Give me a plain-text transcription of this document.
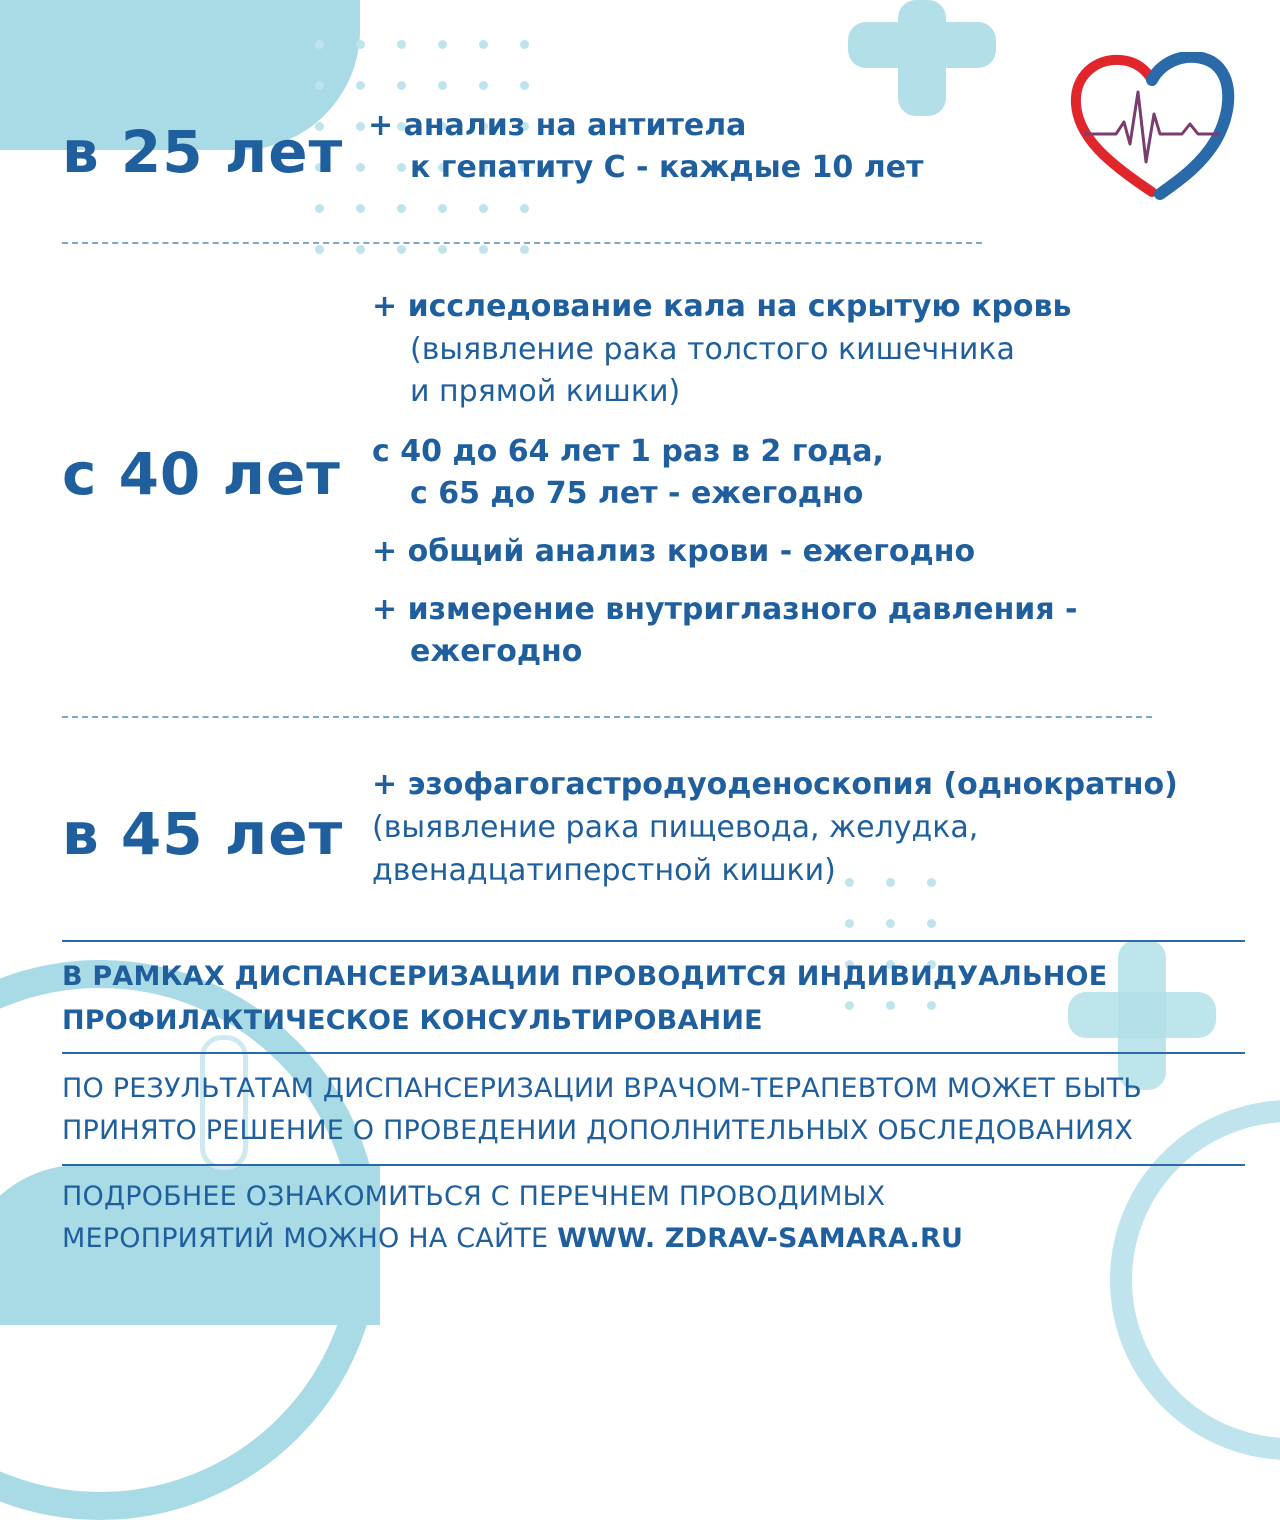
в 25 лет + анализ на антитела
к гепатиту С - каждые 10 лет
с 40 лет
+ исследование кала на скрытую кровь
(выявление рака толстого кишечника
и прямой кишки)
с 40 до 64 лет 1 раз в 2 года,
с 65 до 75 лет - ежегодно
+ общий анализ крови - ежегодно
+ измерение внутриглазного давления -
ежегодно
в 45 лет
+ эзофагогастродуоденоскопия (однократно)
(выявление рака пищевода, желудка,
двенадцатиперстной кишки)
В РАМКАХ ДИСПАНСЕРИЗАЦИИ ПРОВОДИТСЯ ИНДИВИДУАЛЬНОЕ
ПРОФИЛАКТИЧЕСКОЕ КОНСУЛЬТИРОВАНИЕ
ПО РЕЗУЛЬТАТАМ ДИСПАНСЕРИЗАЦИИ ВРАЧОМ-ТЕРАПЕВТОМ МОЖЕТ БЫТЬ
ПРИНЯТО РЕШЕНИЕ О ПРОВЕДЕНИИ ДОПОЛНИТЕЛЬНЫХ ОБСЛЕДОВАНИЯХ
ПОДРОБНЕЕ ОЗНАКОМИТЬСЯ С ПЕРЕЧНЕМ ПРОВОДИМЫХ
МЕРОПРИЯТИЙ МОЖНО НА САЙТЕ WWW. ZDRAV-SAMARA.RU
